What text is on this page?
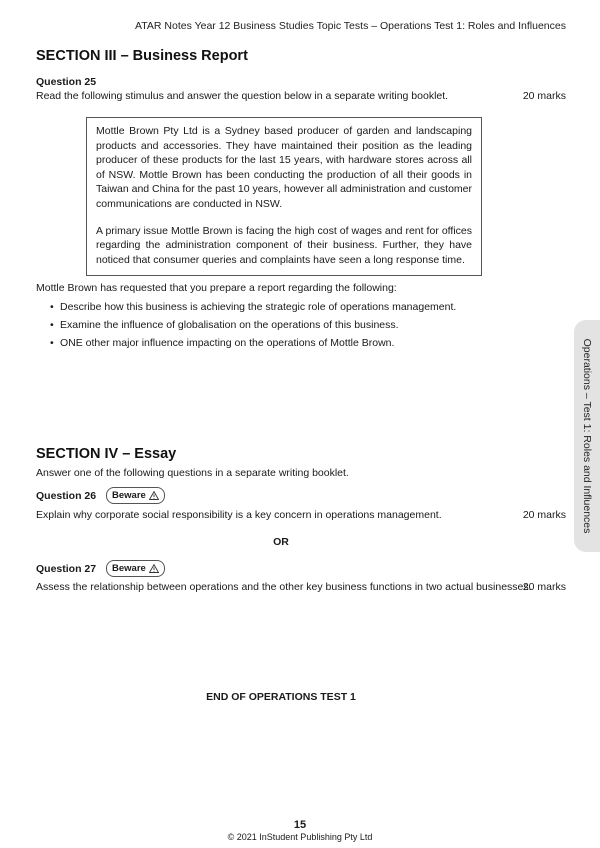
ATAR Notes Year 12 Business Studies Topic Tests – Operations Test 1: Roles and Influences
SECTION III – Business Report
Question 25
Read the following stimulus and answer the question below in a separate writing booklet.	20 marks

Mottle Brown Pty Ltd is a Sydney based producer of garden and landscaping products and accessories. They have maintained their position as the leading producer of these products for the last 15 years, with hardware stores across all of NSW. Mottle Brown has been conducting the production of all their goods in Taiwan and China for the past 10 years, however all administration and customer communications are conducted in NSW.

A primary issue Mottle Brown is facing the high cost of wages and rent for offices regarding the administration component of their business. Further, they have noticed that consumer queries and complaints have seen a long response time.

Mottle Brown has requested that you prepare a report regarding the following:
• Describe how this business is achieving the strategic role of operations management.
• Examine the influence of globalisation on the operations of this business.
• ONE other major influence impacting on the operations of Mottle Brown.
SECTION IV – Essay
Answer one of the following questions in a separate writing booklet.
Question 26 Beware
Explain why corporate social responsibility is a key concern in operations management.	20 marks
OR
Question 27 Beware
Assess the relationship between operations and the other key business functions in two actual businesses.
20 marks
END OF OPERATIONS TEST 1
Operations – Test 1: Roles and Influences
15
© 2021 InStudent Publishing Pty Ltd
